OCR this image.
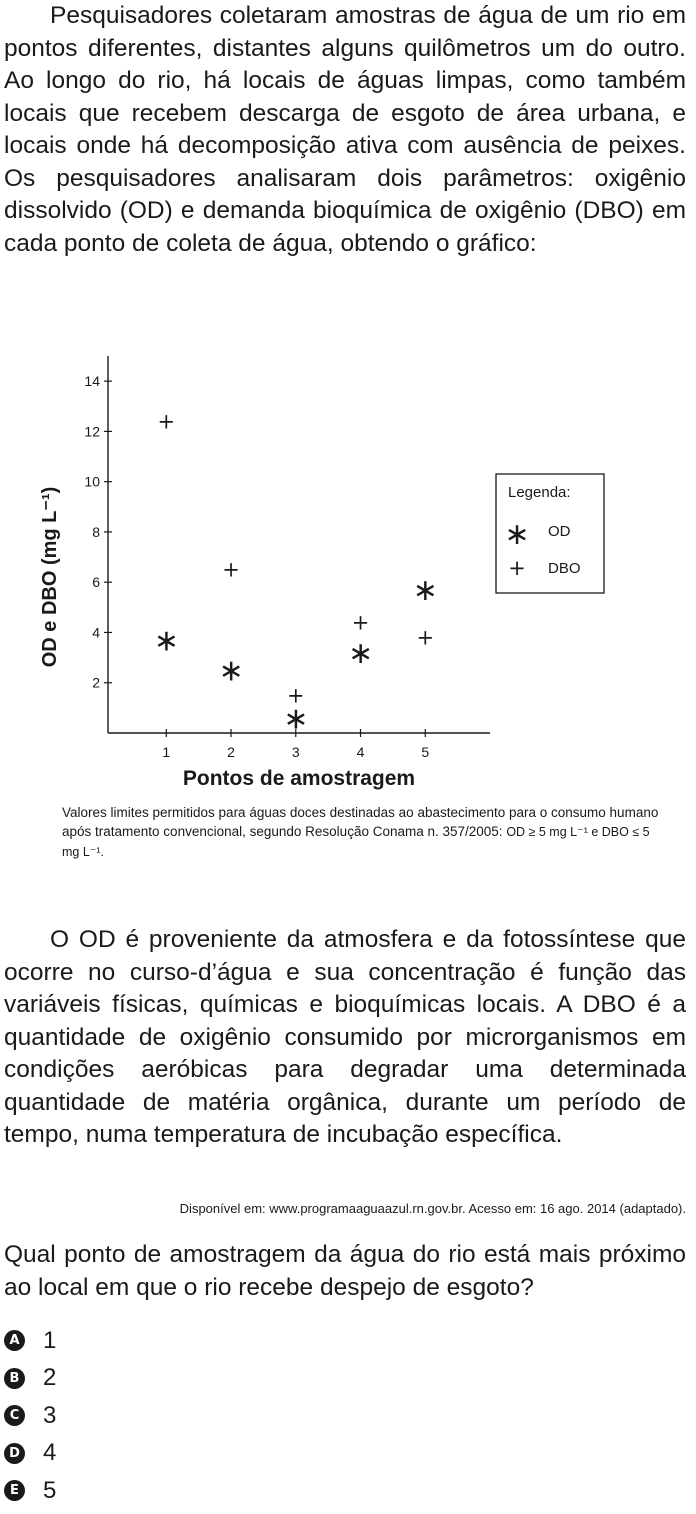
Pesquisadores coletaram amostras de água de um rio em pontos diferentes, distantes alguns quilômetros um do outro. Ao longo do rio, há locais de águas limpas, como também locais que recebem descarga de esgoto de área urbana, e locais onde há decomposição ativa com ausência de peixes. Os pesquisadores analisaram dois parâmetros: oxigênio dissolvido (OD) e demanda bioquímica de oxigênio (DBO) em cada ponto de coleta de água, obtendo o gráfico:

2
4
6
8
10
12
14
1	2	3	4	5
∗
∗
∗
∗
∗
+
+
+
+
+
OD e DBO (mg L⁻¹)
Pontos de amostragem
Legenda:
∗ OD
+ DBO
Valores limites permitidos para águas doces destinadas ao abastecimento para o consumo humano após tratamento convencional, segundo Resolução Conama n. 357/2005: OD ≥ 5 mg L⁻¹ e DBO ≤ 5 mg L⁻¹.

O OD é proveniente da atmosfera e da fotossíntese que ocorre no curso-d’água e sua concentração é função das variáveis físicas, químicas e bioquímicas locais. A DBO é a quantidade de oxigênio consumido por microrganismos em condições aeróbicas para degradar uma determinada quantidade de matéria orgânica, durante um período de tempo, numa temperatura de incubação específica.

Disponível em: www.programaaguaazul.rn.gov.br. Acesso em: 16 ago. 2014 (adaptado).

Qual ponto de amostragem da água do rio está mais próximo ao local em que o rio recebe despejo de esgoto?

A 1
B 2
C 3
D 4
E 5
